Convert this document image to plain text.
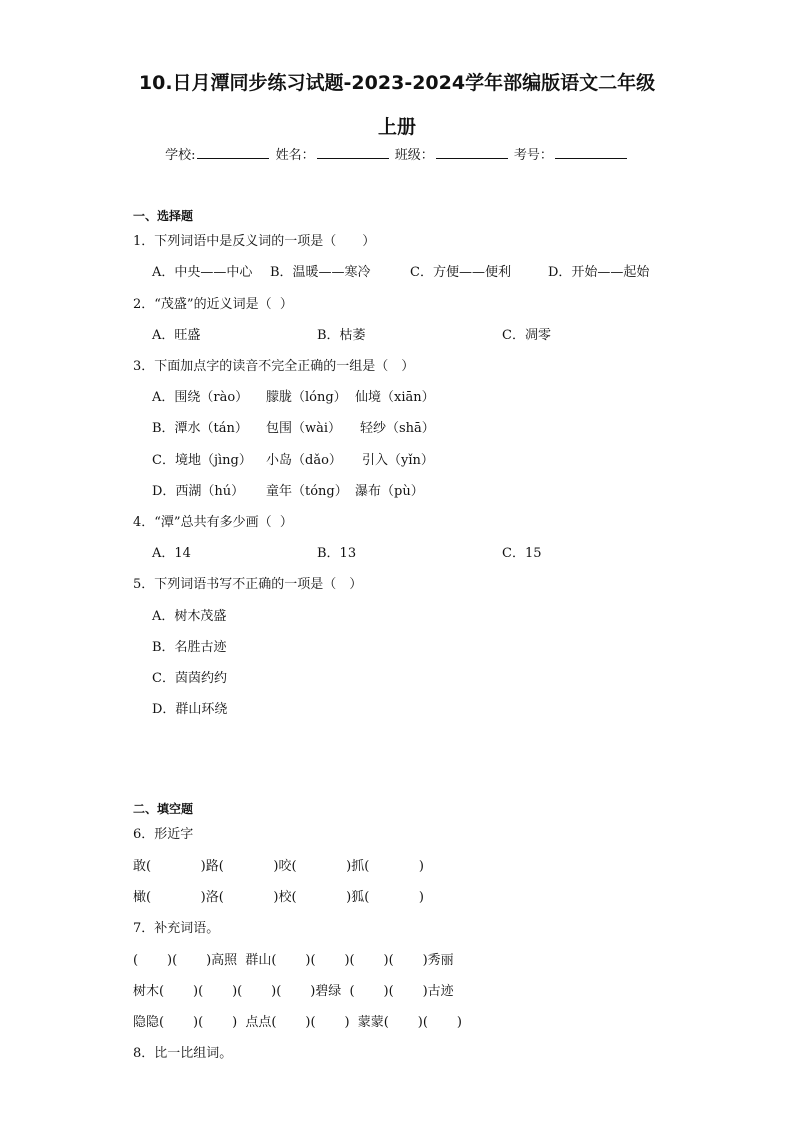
10.日月潭同步练习试题-2023-2024学年部编版语文二年级
上册
学校:	姓名：	班级：	考号：
一、选择题
1．下列词语中是反义词的一项是（　　）
A．中央——中心 B．温暖——寒冷	C．方便——便利	D．开始——起始
2．“茂盛”的近义词是（  ）
A．旺盛	B．枯萎	C．凋零
3．下面加点字的读音不完全正确的一组是（　）
A．围绕（rào） 朦胧（lóng） 仙境（xiān）
B．潭水（tán） 包围（wài） 轻纱（shā）
C．境地（jìng） 小岛（dǎo） 引入（yǐn）
D．西湖（hú） 童年（tóng） 瀑布（pù）
4．“潭”总共有多少画（  ）
A．14	B．13	C．15
5．下列词语书写不正确的一项是（　）
A．树木茂盛
B．名胜古迹
C．茵茵约约
D．群山环绕
二、填空题
6．形近字
敢(            )路(            )咬(            )抓(            )
橄(            )洛(            )校(            )狐(            )
7．补充词语。
(       )(       )高照  群山(       )(       )(       )(       )秀丽
树木(       )(       )(       )(       )碧绿  (       )(       )古迹
隐隐(       )(       )  点点(       )(       )  蒙蒙(       )(       )
8．比一比组词。
